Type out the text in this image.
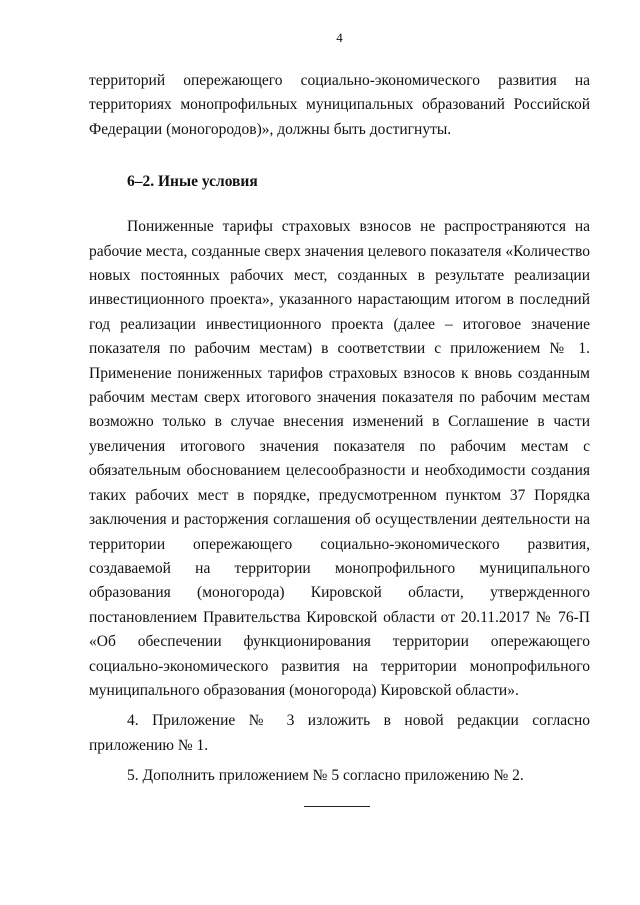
4

территорий опережающего социально-экономического развития на территориях монопрофильных муниципальных образований Российской Федерации (моногородов)», должны быть достигнуты.

6–2. Иные условия

Пониженные тарифы страховых взносов не распространяются на рабочие места, созданные сверх значения целевого показателя «Количество новых постоянных рабочих мест, созданных в результате реализации инвестиционного проекта», указанного нарастающим итогом в последний год реализации инвестиционного проекта (далее – итоговое значение показателя по рабочим местам) в соответствии с приложением № 1. Применение пониженных тарифов страховых взносов к вновь созданным рабочим местам сверх итогового значения показателя по рабочим местам возможно только в случае внесения изменений в Соглашение в части увеличения итогового значения показателя по рабочим местам с обязательным обоснованием целесообразности и необходимости создания таких рабочих мест в порядке, предусмотренном пунктом 37 Порядка заключения и расторжения соглашения об осуществлении деятельности на территории опережающего социально-экономического развития, создаваемой на территории монопрофильного муниципального образования (моногорода) Кировской области, утвержденного постановлением Правительства Кировской области от 20.11.2017 № 76-П «Об обеспечении функционирования территории опережающего социально-экономического развития на территории монопрофильного муниципального образования (моногорода) Кировской области».

4. Приложение № 3 изложить в новой редакции согласно приложению № 1.

5. Дополнить приложением № 5 согласно приложению № 2.
